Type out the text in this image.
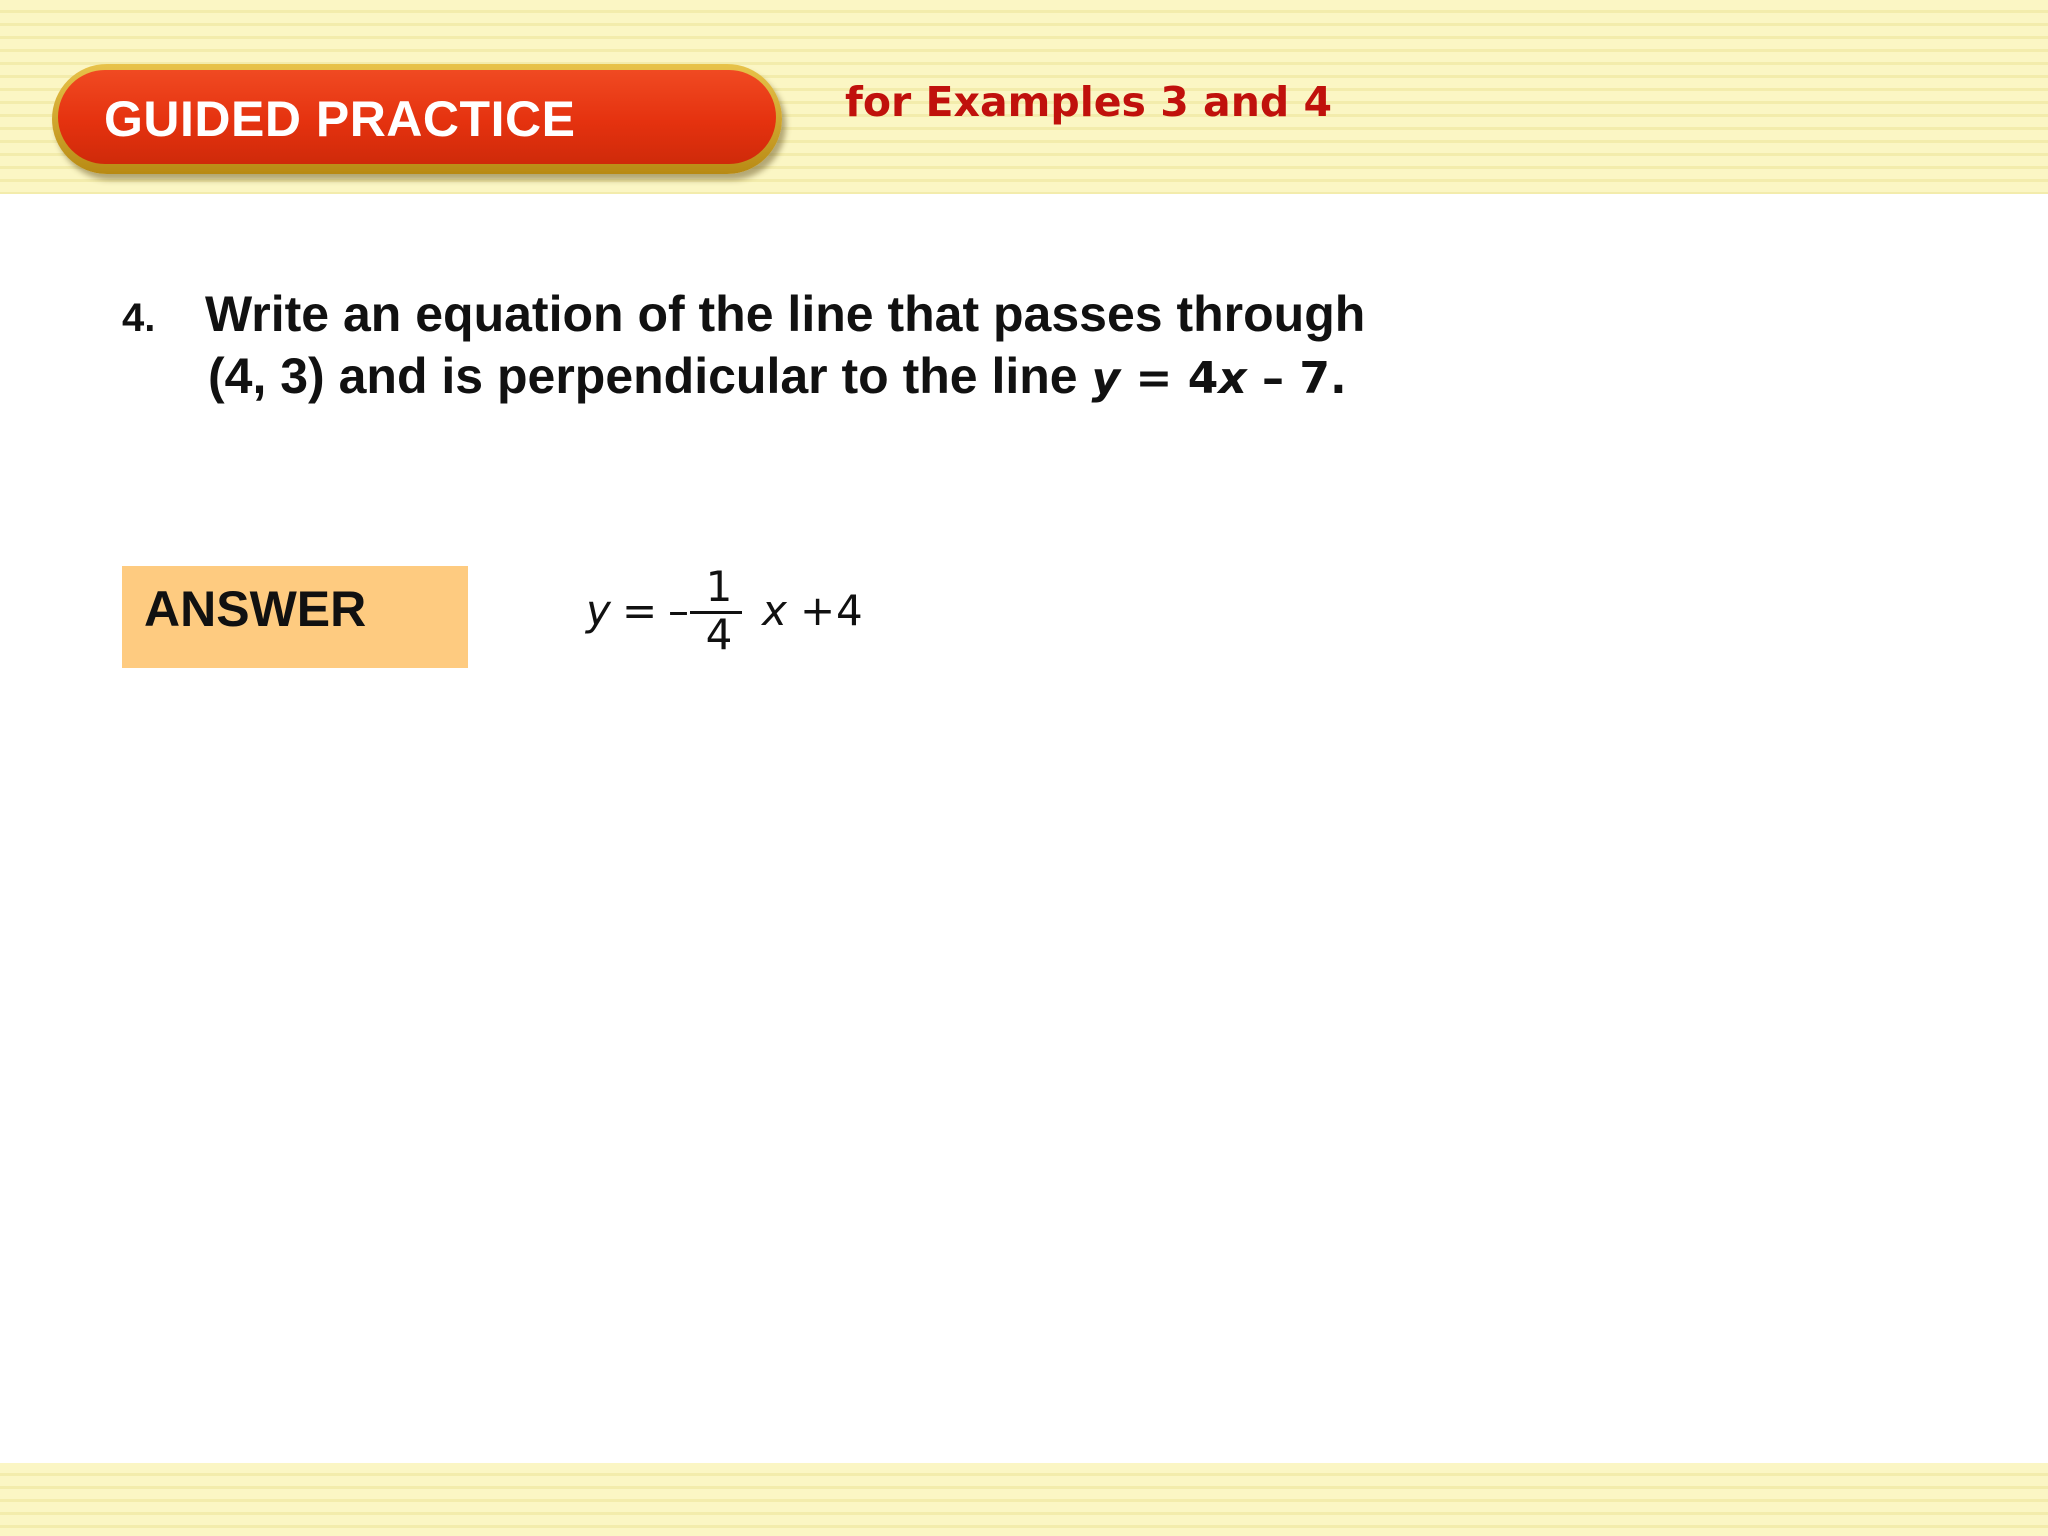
GUIDED PRACTICE	for Examples 3 and 4
4. Write an equation of the line that passes through
(4, 3) and is perpendicular to the line y = 4x – 7.
ANSWER	y = – 1
4 x + 4
